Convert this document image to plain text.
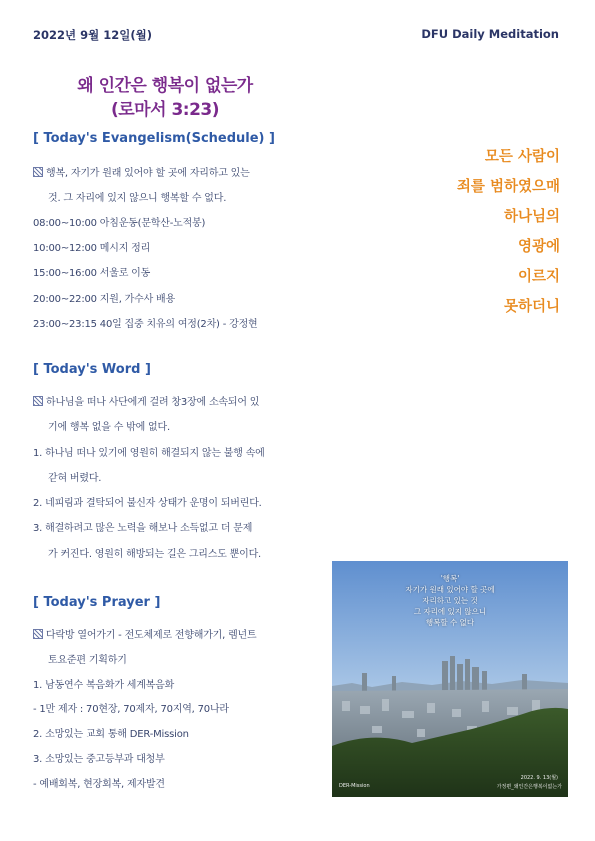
2022년 9월 12일(월)	DFU Daily Meditation
왜 인간은 행복이 없는가
(로마서 3:23)
[ Today's Evangelism(Schedule) ]
행복, 자기가 원래 있어야 할 곳에 자리하고 있는
것. 그 자리에 있지 않으니 행복할 수 없다.
08:00~10:00 아침운동(문학산-노적봉)
10:00~12:00 메시지 정리
15:00~16:00 서울로 이동
20:00~22:00 지원, 가수사 배용
23:00~23:15 40일 집중 치유의 여정(2차) - 강정현
[ Today's Word ]
하나님을 떠나 사단에게 걸려 창3장에 소속되어 있
기에 행복 없을 수 밖에 없다.
1. 하나님 떠나 있기에 영원히 해결되지 않는 불행 속에
갇혀 버렸다.
2. 네피림과 결탁되어 불신자 상태가 운명이 되버린다.
3. 해결하려고 많은 노력을 해보나 소득없고 더 문제
가 커진다. 영원히 해방되는 길은 그리스도 뿐이다.
[ Today's Prayer ]
다락방 열어가기 - 전도체제로 전향해가기, 렘넌트
토요준편 기획하기
1. 남동연수 복음화가 세계복음화
- 1만 제자 : 70현장, 70제자, 70지역, 70나라
2. 소망있는 교회 통해 DER-Mission
3. 소망있는 중고등부과 대청부
- 예배회복, 현장회복, 제자발견
모든 사람이
죄를 범하였으매
하나님의
영광에
이르지
못하더니
'행복'
자기가 원래 있어야 할 곳에
자리하고 있는 것
그 자리에 있지 않으니
행복할 수 없다
DER-Mission
2022. 9. 13(월)
가정편_왜인간은행복이없는가
